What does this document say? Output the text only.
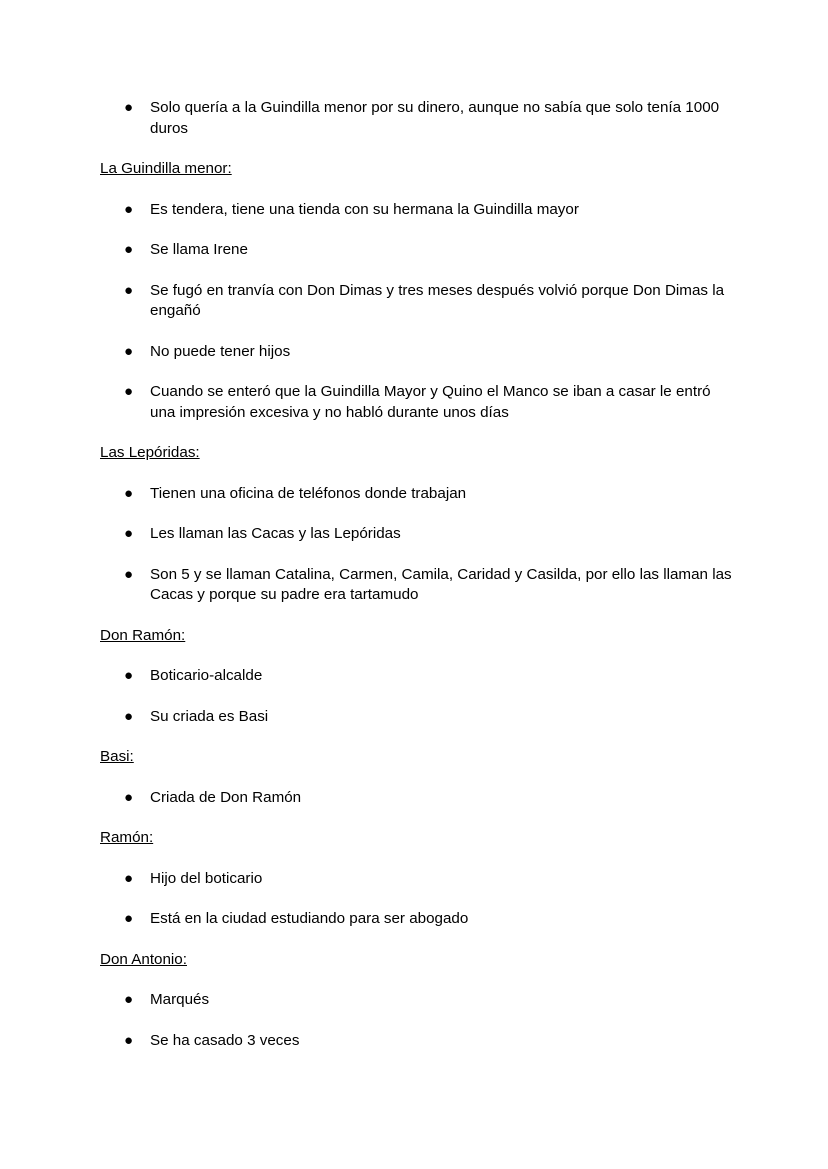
● Solo quería a la Guindilla menor por su dinero, aunque no sabía que solo tenía 1000 duros
La Guindilla menor:
● Es tendera, tiene una tienda con su hermana la Guindilla mayor
● Se llama Irene
● Se fugó en tranvía con Don Dimas y tres meses después volvió porque Don Dimas la engañó
● No puede tener hijos
● Cuando se enteró que la Guindilla Mayor y Quino el Manco se iban a casar le entró una impresión excesiva y no habló durante unos días
Las Lepóridas:
● Tienen una oficina de teléfonos donde trabajan
● Les llaman las Cacas y las Lepóridas
● Son 5 y se llaman Catalina, Carmen, Camila, Caridad y Casilda, por ello las llaman las Cacas y porque su padre era tartamudo
Don Ramón:
● Boticario-alcalde
● Su criada es Basi
Basi:
● Criada de Don Ramón
Ramón:
● Hijo del boticario
● Está en la ciudad estudiando para ser abogado
Don Antonio:
● Marqués
● Se ha casado 3 veces
